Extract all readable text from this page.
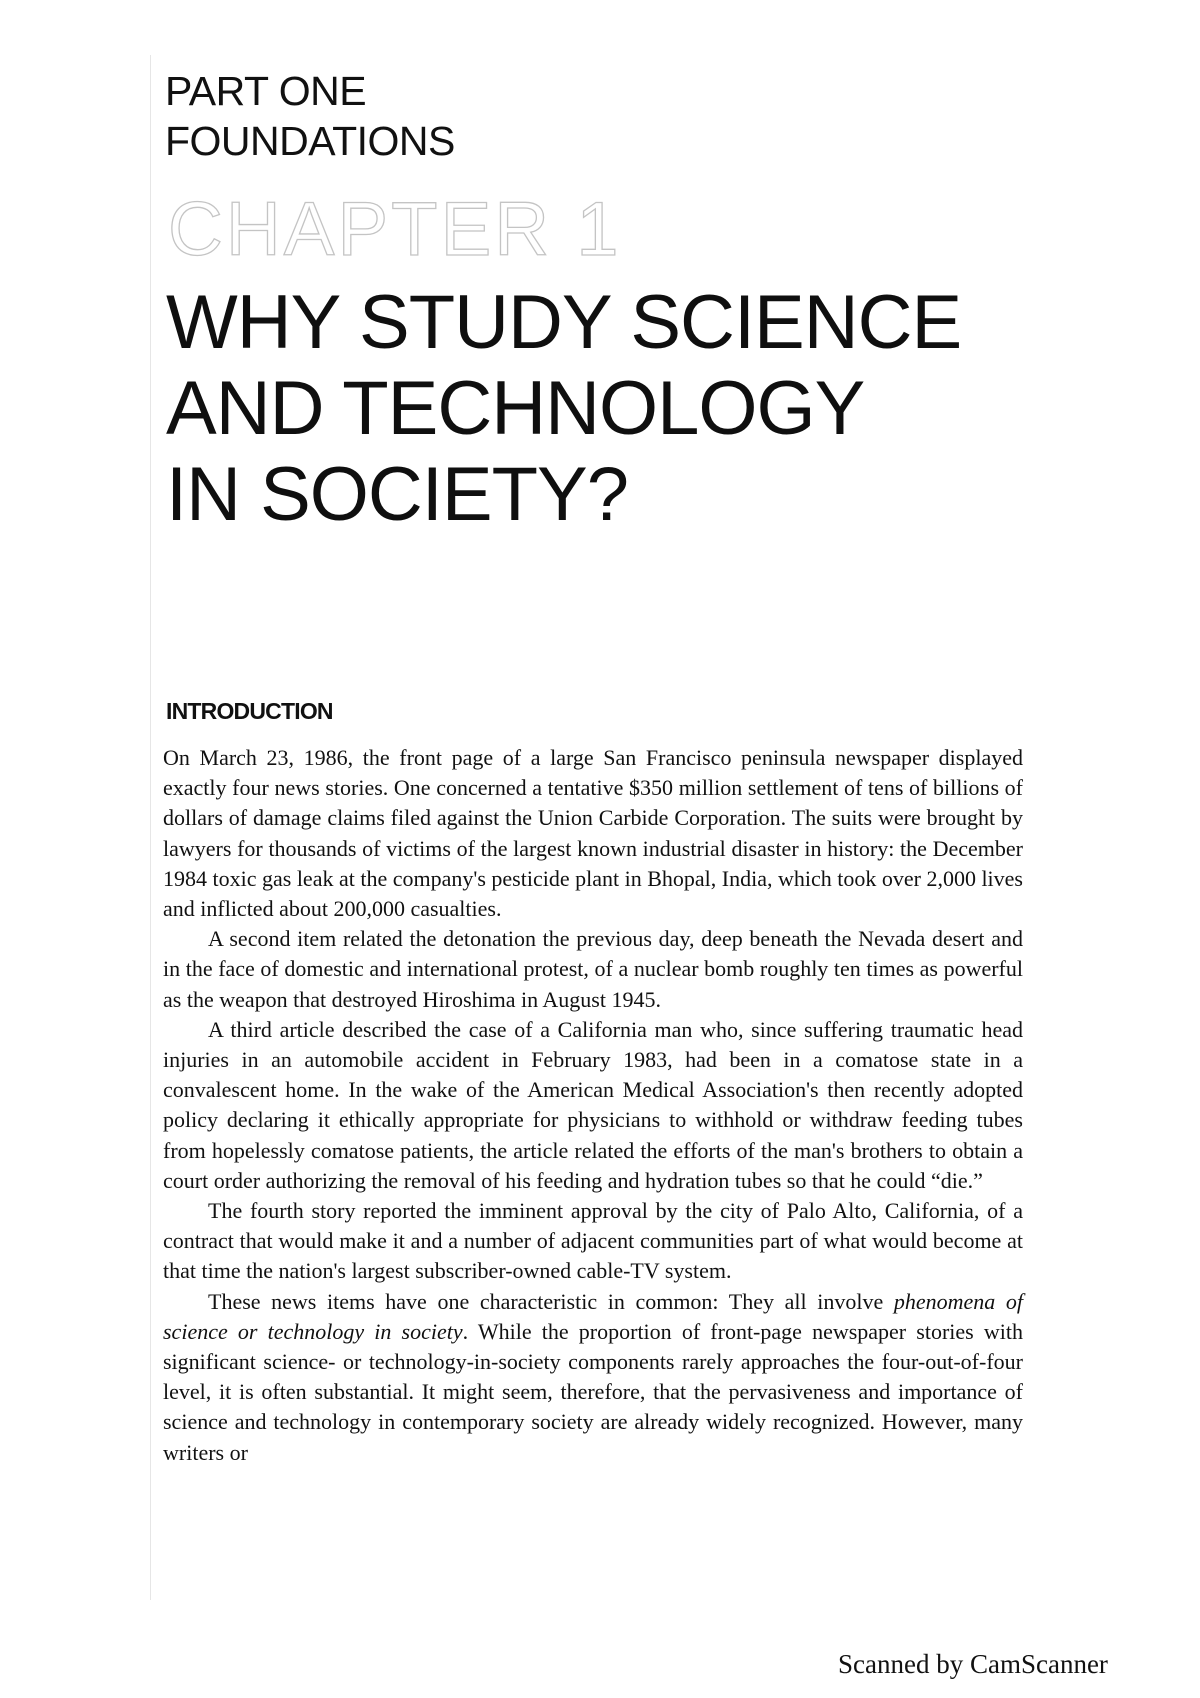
PART ONE
FOUNDATIONS
CHAPTER 1
WHY STUDY SCIENCE
AND TECHNOLOGY
IN SOCIETY?
INTRODUCTION

On March 23, 1986, the front page of a large San Francisco peninsula newspaper displayed exactly four news stories. One concerned a tentative $350 million settlement of tens of billions of dollars of damage claims filed against the Union Carbide Corporation. The suits were brought by lawyers for thousands of victims of the largest known industrial disaster in history: the December 1984 toxic gas leak at the company's pesticide plant in Bhopal, India, which took over 2,000 lives and inflicted about 200,000 casualties.

A second item related the detonation the previous day, deep beneath the Nevada desert and in the face of domestic and international protest, of a nuclear bomb roughly ten times as powerful as the weapon that destroyed Hiroshima in August 1945.

A third article described the case of a California man who, since suffering traumatic head injuries in an automobile accident in February 1983, had been in a comatose state in a convalescent home. In the wake of the American Medical Association's then recently adopted policy declaring it ethically appropriate for physicians to withhold or withdraw feeding tubes from hopelessly comatose patients, the article related the efforts of the man's brothers to obtain a court order authorizing the removal of his feeding and hydration tubes so that he could “die.”

The fourth story reported the imminent approval by the city of Palo Alto, California, of a contract that would make it and a number of adjacent communities part of what would become at that time the nation's largest subscriber-owned cable-TV system.

These news items have one characteristic in common: They all involve phenomena of science or technology in society. While the proportion of front-page newspaper stories with significant science- or technology-in-society components rarely approaches the four-out-of-four level, it is often substantial. It might seem, therefore, that the pervasiveness and importance of science and technology in contemporary society are already widely recognized. However, many writers or

Scanned by CamScanner
